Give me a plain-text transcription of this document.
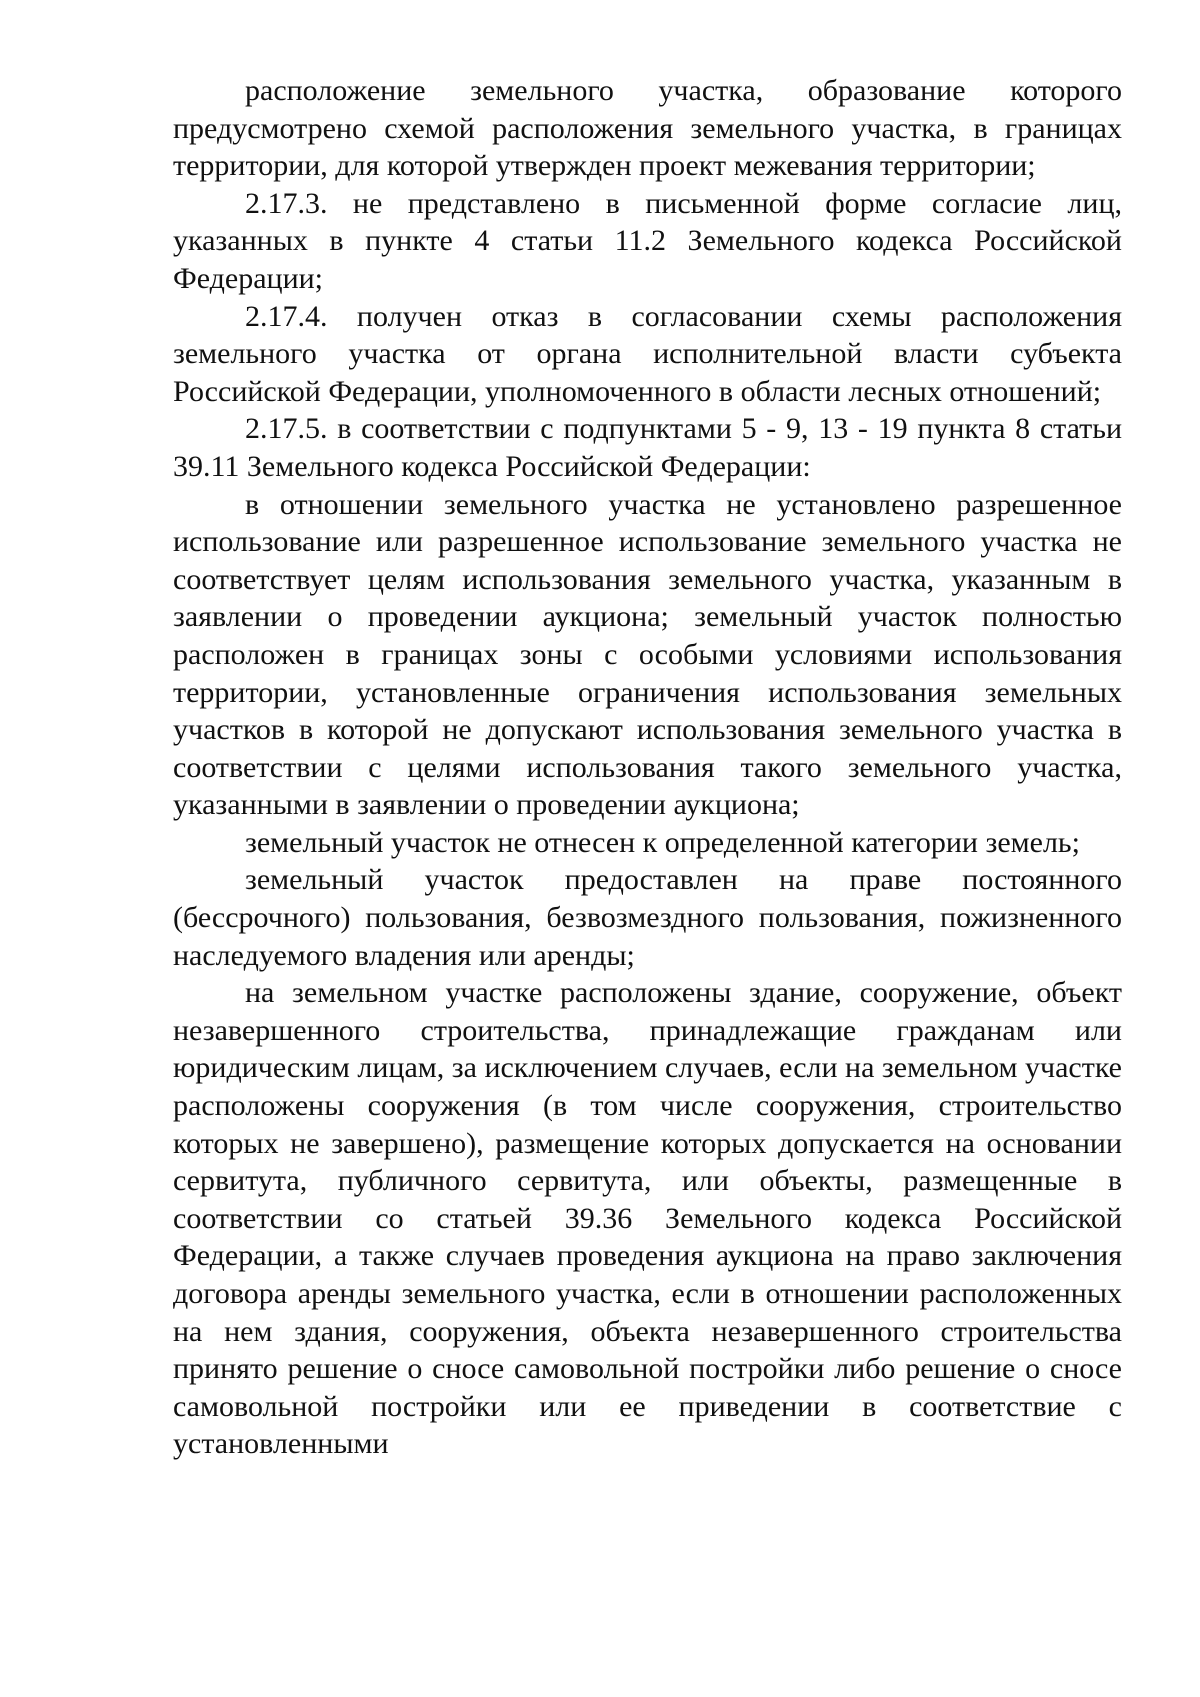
расположение земельного участка, образование которого предусмотрено схемой расположения земельного участка, в границах территории, для которой утвержден проект межевания территории;

2.17.3. не представлено в письменной форме согласие лиц, указанных в пункте 4 статьи 11.2 Земельного кодекса Российской Федерации;

2.17.4. получен отказ в согласовании схемы расположения земельного участка от органа исполнительной власти субъекта Российской Федерации, уполномоченного в области лесных отношений;

2.17.5. в соответствии с подпунктами 5 - 9, 13 - 19 пункта 8 статьи 39.11 Земельного кодекса Российской Федерации:

в отношении земельного участка не установлено разрешенное использование или разрешенное использование земельного участка не соответствует целям использования земельного участка, указанным в заявлении о проведении аукциона; земельный участок полностью расположен в границах зоны с особыми условиями использования территории, установленные ограничения использования земельных участков в которой не допускают использования земельного участка в соответствии с целями использования такого земельного участка, указанными в заявлении о проведении аукциона;

земельный участок не отнесен к определенной категории земель;

земельный участок предоставлен на праве постоянного (бессрочного) пользования, безвозмездного пользования, пожизненного наследуемого владения или аренды;

на земельном участке расположены здание, сооружение, объект незавершенного строительства, принадлежащие гражданам или юридическим лицам, за исключением случаев, если на земельном участке расположены сооружения (в том числе сооружения, строительство которых не завершено), размещение которых допускается на основании сервитута, публичного сервитута, или объекты, размещенные в соответствии со статьей 39.36 Земельного кодекса Российской Федерации, а также случаев проведения аукциона на право заключения договора аренды земельного участка, если в отношении расположенных на нем здания, сооружения, объекта незавершенного строительства принято решение о сносе самовольной постройки либо решение о сносе самовольной постройки или ее приведении в соответствие с установленными
